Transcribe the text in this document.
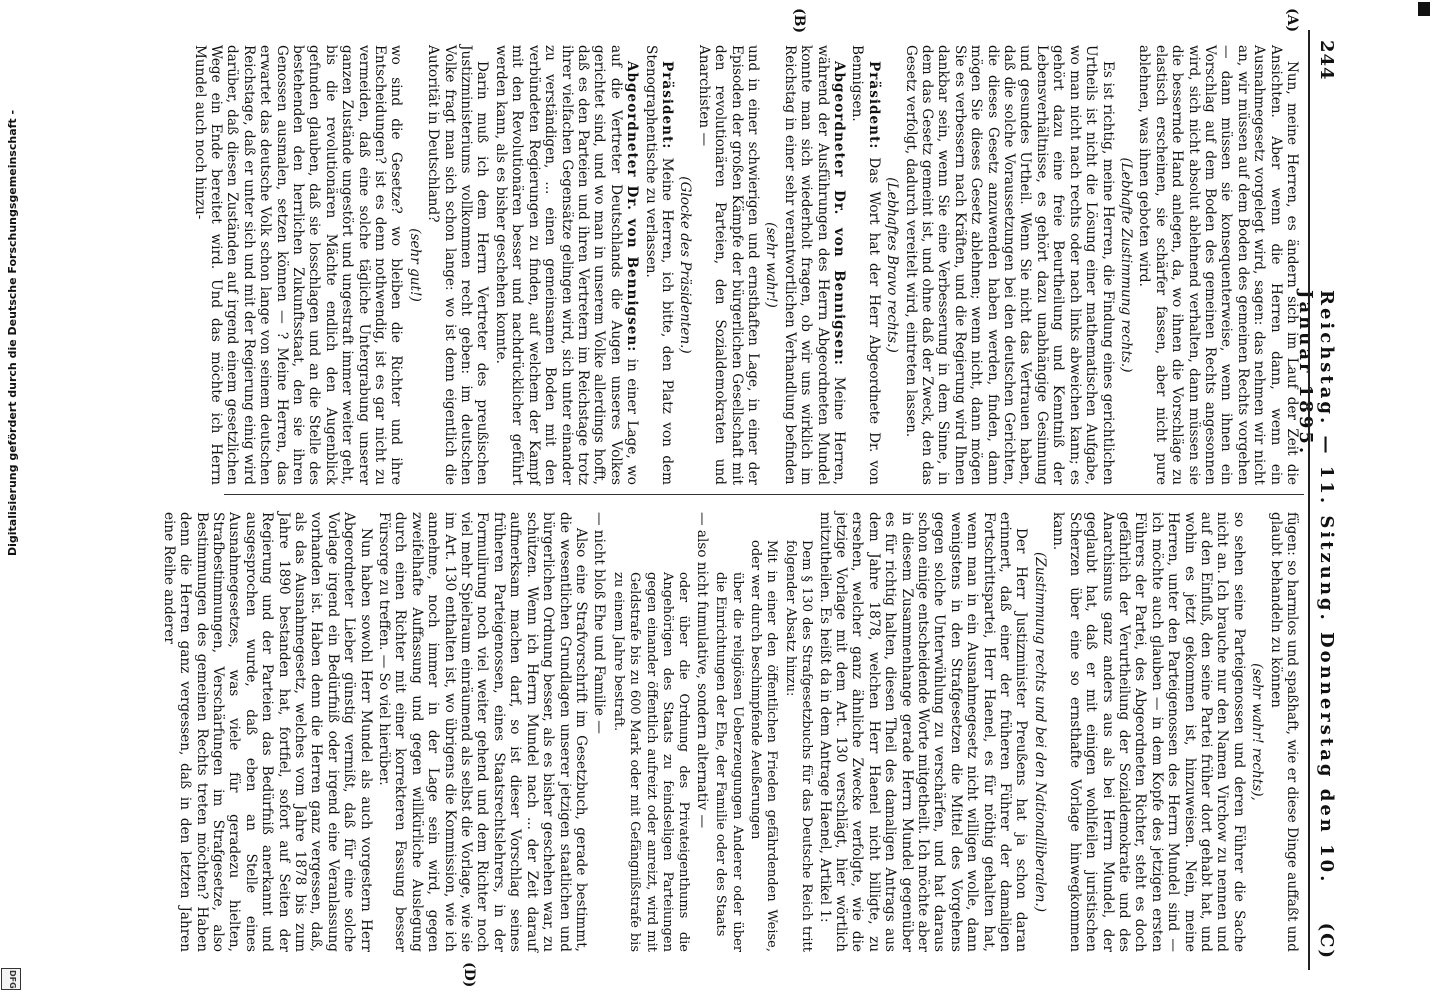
Digitalisierung gefördert durch die Deutsche Forschungsgemeinschaft -
DFG
244
Reichstag. — 11. Sitzung. Donnerstag den 10. Januar 1895.
(C)
(A)
(B)
(D)

Nun, meine Herren, es ändern sich im Lauf der Zeit die Ansichten. Aber wenn die Herren dann, wenn ein Ausnahmegesetz vorgelegt wird, sagen: das nehmen wir nicht an, wir müssen auf dem Boden des gemeinen Rechts vorgehen — dann müssen sie konsequenterweise, wenn ihnen ein Vorschlag auf dem Boden des gemeinen Rechts angesonnen wird, sich nicht absolut ablehnend verhalten, dann müssen sie die bessernde Hand anlegen, da, wo ihnen die Vorschläge zu elastisch erscheinen, sie schärfer fassen, aber nicht pure ablehnen, was ihnen geboten wird.

(Lebhafte Zustimmung rechts.)

Es ist richtig, meine Herren, die Findung eines gerichtlichen Urtheils ist nicht die Lösung einer mathematischen Aufgabe, wo man nicht nach rechts oder nach links abweichen kann; es gehört dazu eine freie Beurtheilung und Kenntniß der Lebensverhältnisse, es gehört dazu unabhängige Gesinnung und gesundes Urtheil. Wenn Sie nicht das Vertrauen haben, daß die solche Voraussetzungen bei den deutschen Gerichten, die dieses Gesetz anzuwenden haben werden, finden, dann mögen Sie dieses Gesetz ablehnen; wenn nicht, dann mögen Sie es verbessern nach Kräften, und die Regierung wird Ihnen dankbar sein, wenn Sie eine Verbesserung in dem Sinne, in dem das Gesetz gemeint ist, und ohne daß der Zweck, den das Gesetz verfolgt, dadurch vereitelt wird, eintreten lassen.

(Lebhaftes Bravo rechts.)

Präsident: Das Wort hat der Herr Abgeordnete Dr. von Bennigsen.

Abgeordneter Dr. von Bennigsen: Meine Herren, während der Ausführungen des Herrn Abgeordneten Mundel konnte man sich wiederholt fragen, ob wir uns wirklich im Reichstag in einer sehr verantwortlichen Verhandlung befinden

(sehr wahr!)

und in einer schwierigen und ernsthaften Lage, in einer der Episoden der großen Kämpfe der bürgerlichen Gesellschaft mit den revolutionären Parteien, den Sozialdemokraten und Anarchisten —

(Glocke des Präsidenten.)

Präsident: Meine Herren, ich bitte, den Platz von dem Stenographentische zu verlassen.

Abgeordneter Dr. von Bennigsen: in einer Lage, wo auf die Vertreter Deutschlands die Augen unseres Volkes gerichtet sind, und wo man in unserem Volke allerdings hofft, daß es den Parteien und ihren Vertretern im Reichstage trotz ihrer vielfachen Gegensätze gelingen wird, sich unter einander zu verständigen, ... einen gemeinsamen Boden mit den verbündeten Regierungen zu finden, auf welchem der Kampf mit den Revolutionären besser und nachdrücklicher geführt werden kann, als es bisher geschehen konnte.

Darin muß ich dem Herrn Vertreter des preußischen Justizministeriums vollkommen recht geben: im deutschen Volke fragt man sich schon lange: wo ist denn eigentlich die Autorität in Deutschland?

(sehr gut!)

wo sind die Gesetze? wo bleiben die Richter und ihre Entscheidungen? ist es denn nothwendig, ist es gar nicht zu vermeiden, daß eine solche tägliche Untergrabung unserer ganzen Zustände ungestört und ungestraft immer weiter geht, bis die revolutionären Mächte endlich den Augenblick gefunden glauben, daß sie losschlagen und an die Stelle des bestehenden den herrlichen Zukunftsstaat, den sie ihren Genossen ausmalen, setzen können — ? Meine Herren, das erwartet das deutsche Volk schon lange von seinem deutschen Reichstage, daß er unter sich und mit der Regierung einig wird darüber, daß diesen Zuständen auf irgend einem gesetzlichen Wege ein Ende bereitet wird. Und das möchte ich Herrn Mundel auch noch hinzu-

fügen: so harmlos und spaßhaft, wie er diese Dinge auffaßt und glaubt behandeln zu können

(sehr wahr! rechts),

so sehen seine Parteigenossen und deren Führer die Sache nicht an. Ich brauche nur den Namen Virchow zu nennen und auf den Einfluß, den seine Partei früher dort gehabt hat, und wohin es jetzt gekommen ist, hinzuweisen. Nein, meine Herren, unter den Parteigenossen des Herrn Mundel sind — ich möchte auch glauben — in dem Kopfe des jetzigen ersten Führers der Partei, des Abgeordneten Richter, steht es doch gefährlich der Verurtheilung der Sozialdemokratie und des Anarchismus ganz anders aus als bei Herrn Mundel, der geglaubt hat, daß er mit einigen wohlfeilen juristischen Scherzen über eine so ernsthafte Vorlage hinwegkommen kann.

(Zustimmung rechts und bei den Nationalliberalen.)

Der Herr Justizminister Preußens hat ja schon daran erinnert, daß einer der früheren Führer der damaligen Fortschrittspartei, Herr Haenel, es für nöthig gehalten hat, wenn man in ein Ausnahmegesetz nicht willigen wolle, dann wenigstens in den Strafgesetzen die Mittel des Vorgehens gegen solche Unterwühlung zu verschärfen, und hat daraus schon einige entscheidende Worte mitgetheilt. Ich möchte aber in diesem Zusammenhange gerade Herrn Mundel gegenüber es für richtig halten, diesen Theil des damaligen Antrags aus dem Jahre 1878, welchen Herr Haenel nicht billigte, zu ersehen, welcher ganz ähnliche Zwecke verfolgte, wie die jetzige Vorlage mit dem Art. 130 verschlägt, hier wörtlich mitzutheilen. Es heißt da in dem Antrage Haenel, Artikel 1:

Dem § 130 des Strafgesetzbuchs für das Deutsche Reich tritt folgender Absatz hinzu:

Mit in einer den öffentlichen Frieden gefährdenden Weise, oder wer durch beschimpfende Aeußerungen

über die religiösen Ueberzeugungen Anderer oder über die Einrichtungen der Ehe, der Familie oder des Staats

— also nicht fumulative, sondern alternativ —

oder über die Ordnung des Privateigenthums die Angehörigen des Staats zu feindseligen Parteiungen gegen einander öffentlich aufreizt oder anreizt, wird mit Geldstrafe bis zu 600 Mark oder mit Gefängnißstrafe bis zu einem Jahre bestraft.

— nicht bloß Ehe und Familie —

Also eine Strafvorschrift im Gesetzbuch, gerade bestimmt, die wesentlichen Grundlagen unserer jetzigen staatlichen und bürgerlichen Ordnung besser, als es bisher geschehen war, zu schützen. Wenn ich Herrn Mundel nach ... der Zeit darauf aufmerksam machen darf, so ist dieser Vorschlag seines früheren Parteigenossen, eines Staatsrechtslehrers, in der Formulirung noch viel weiter gehend und dem Richter noch viel mehr Spielraum einräumend als selbst die Vorlage, wie sie im Art. 130 enthalten ist, wo übrigens die Kommission, wie ich annehme, noch immer in der Lage sein wird, gegen zweifelhafte Auffassung und gegen willkürliche Auslegung durch einen Richter mit einer korrekteren Fassung besser Fürsorge zu treffen. — So viel hierüber.

Nun haben sowohl Herr Mundel als auch vorgestern Herr Abgeordneter Lieber günstig vermißt, daß für eine solche Vorlage irgend ein Bedürfniß oder irgend eine Veranlassung vorhanden ist. Haben denn die Herren ganz vergessen, daß, als das Ausnahmegesetz, welches vom Jahre 1878 bis zum Jahre 1890 bestanden hat, fortfiel, sofort auf Seiten der Regierung und der Parteien das Bedürfniß anerkannt und ausgesprochen wurde, daß eben an Stelle eines Ausnahmegesetzes, was viele für geradezu hielten, Strafbestimmungen, Verschärfungen im Strafgesetze, also Bestimmungen des gemeinen Rechts treten möchten? Haben denn die Herren ganz vergessen, daß in den letzten Jahren eine Reihe anderer
